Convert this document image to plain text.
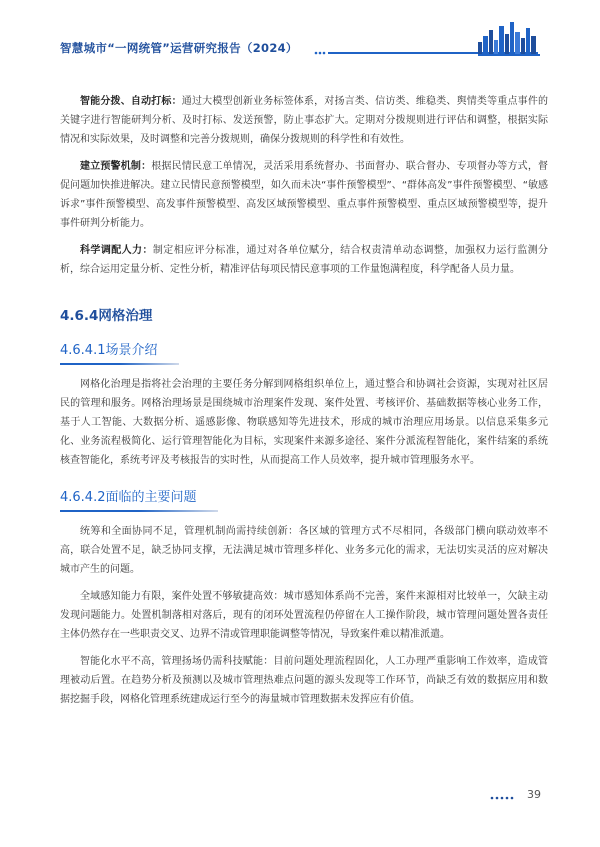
智慧城市“一网统管”运营研究报告（2024）

智能分拨、自动打标：通过大模型创新业务标签体系，对扬言类、信访类、维稳类、舆情类等重点事件的关键字进行智能研判分析、及时打标、发送预警，防止事态扩大。定期对分拨规则进行评估和调整，根据实际情况和实际效果，及时调整和完善分拨规则，确保分拨规则的科学性和有效性。

建立预警机制：根据民情民意工单情况，灵活采用系统督办、书面督办、联合督办、专项督办等方式，督促问题加快推进解决。建立民情民意预警模型，如久而未决“事件预警模型”、“群体高发”事件预警模型、“敏感诉求”事件预警模型、高发事件预警模型、高发区域预警模型、重点事件预警模型、重点区域预警模型等，提升事件研判分析能力。

科学调配人力：制定相应评分标准，通过对各单位赋分，结合权责清单动态调整，加强权力运行监测分析，综合运用定量分析、定性分析，精准评估每项民情民意事项的工作量饱满程度，科学配备人员力量。

4.6.4网格治理
4.6.4.1场景介绍

网格化治理是指将社会治理的主要任务分解到网格组织单位上，通过整合和协调社会资源，实现对社区居民的管理和服务。网格治理场景是围绕城市治理案件发现、案件处置、考核评价、基础数据等核心业务工作，基于人工智能、大数据分析、遥感影像、物联感知等先进技术，形成的城市治理应用场景。以信息采集多元化、业务流程极简化、运行管理智能化为目标，实现案件来源多途径、案件分派流程智能化，案件结案的系统核查智能化，系统考评及考核报告的实时性，从而提高工作人员效率，提升城市管理服务水平。

4.6.4.2面临的主要问题

统筹和全面协同不足，管理机制尚需持续创新：各区域的管理方式不尽相同，各级部门横向联动效率不高，联合处置不足，缺乏协同支撑，无法满足城市管理多样化、业务多元化的需求，无法切实灵活的应对解决城市产生的问题。

全域感知能力有限，案件处置不够敏捷高效：城市感知体系尚不完善，案件来源相对比较单一，欠缺主动发现问题能力。处置机制落相对落后，现有的闭环处置流程仍停留在人工操作阶段，城市管理问题处置各责任主体仍然存在一些职责交叉、边界不清或管理职能调整等情况，导致案件难以精准派遣。

智能化水平不高，管理扬场仍需科技赋能：目前问题处理流程固化，人工办理严重影响工作效率，造成管理被动后置。在趋势分析及预测以及城市管理热难点问题的源头发现等工作环节，尚缺乏有效的数据应用和数据挖掘手段，网格化管理系统建成运行至今的海量城市管理数据未发挥应有价值。

39
